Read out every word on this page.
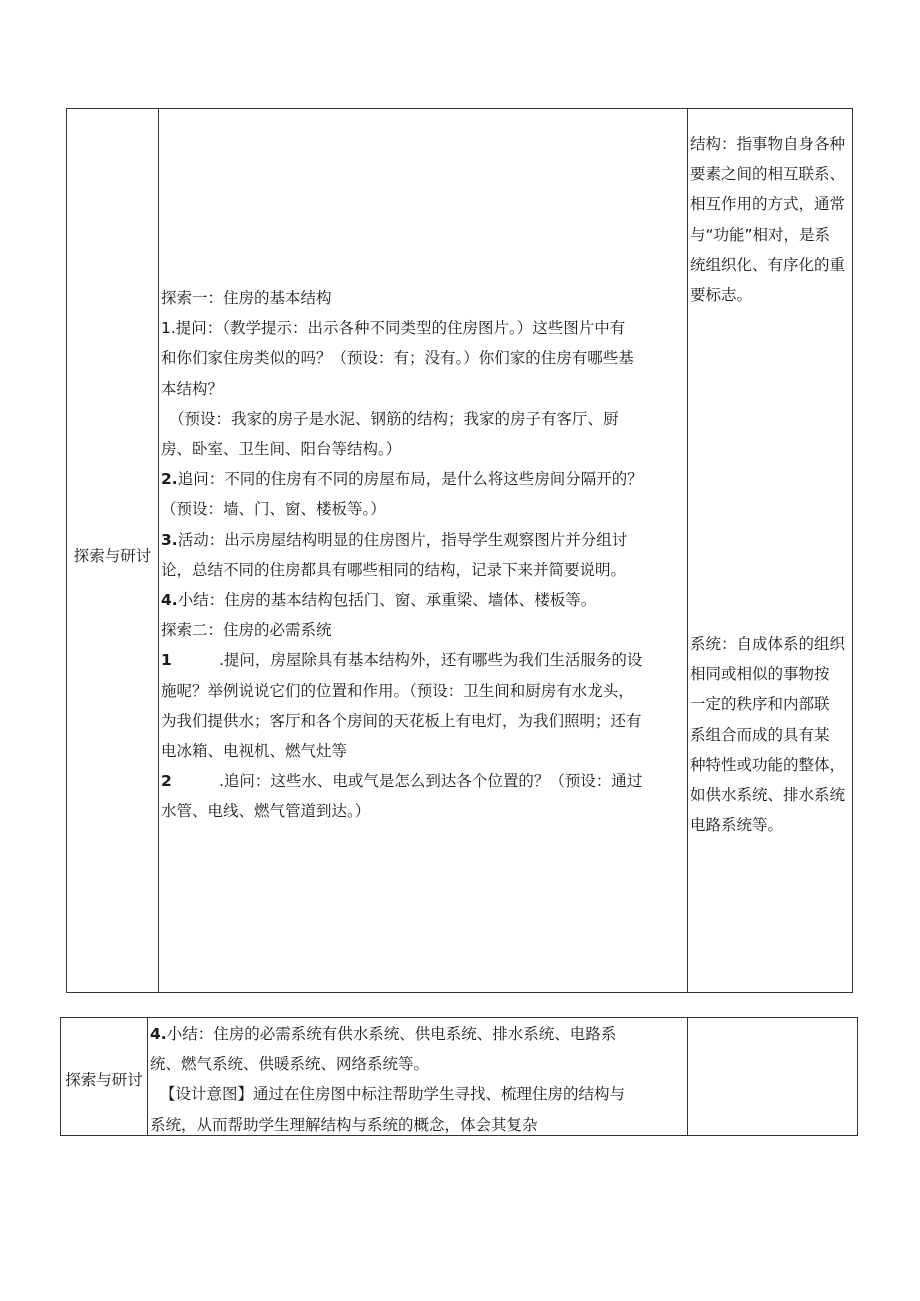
探索与研讨

探索一：住房的基本结构

1.提问：（教学提示：出示各种不同类型的住房图片。）这些图片中有

和你们家住房类似的吗？（预设：有；没有。）你们家的住房有哪些基

本结构？

（预设：我家的房子是水泥、钢筋的结构；我家的房子有客厅、厨

房、卧室、卫生间、阳台等结构。）

2.追问：不同的住房有不同的房屋布局，是什么将这些房间分隔开的？

（预设：墙、门、窗、楼板等。）

3.活动：出示房屋结构明显的住房图片，指导学生观察图片并分组讨

论，总结不同的住房都具有哪些相同的结构，记录下来并简要说明。

4.小结：住房的基本结构包括门、窗、承重梁、墙体、楼板等。

探索二：住房的必需系统

1	.提问，房屋除具有基本结构外，还有哪些为我们生活服务的设

施呢？举例说说它们的位置和作用。（预设：卫生间和厨房有水龙头，

为我们提供水；客厅和各个房间的天花板上有电灯，为我们照明；还有

电冰箱、电视机、燃气灶等

2	.追问：这些水、电或气是怎么到达各个位置的？（预设：通过

水管、电线、燃气管道到达。）

结构：指事物自身各种

要素之间的相互联系、

相互作用的方式，通常

与“功能”相对，是系

统组织化、有序化的重

要标志。

系统：自成体系的组织

相同或相似的事物按

一定的秩序和内部联

系组合而成的具有某

种特性或功能的整体，

如供水系统、排水系统

电路系统等。

探索与研讨

4.小结：住房的必需系统有供水系统、供电系统、排水系统、电路系

统、燃气系统、供暖系统、网络系统等。

【设计意图】通过在住房图中标注帮助学生寻找、梳理住房的结构与

系统，从而帮助学生理解结构与系统的概念，体会其复杂
